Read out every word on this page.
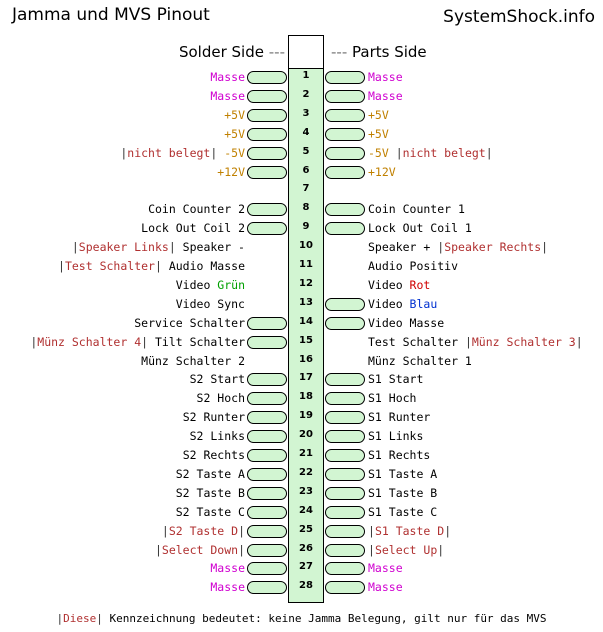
Jamma und MVS Pinout	SystemShock.info
Solder Side ---	--- Parts Side
Masse	1	Masse
Masse	2	Masse
+5V	3	+5V
+5V	4	+5V
|nicht belegt| -5V	5	-5V |nicht belegt|
+12V	6	+12V
7
Coin Counter 2	8	Coin Counter 1
Lock Out Coil 2	9	Lock Out Coil 1
|Speaker Links| Speaker -	10	Speaker + |Speaker Rechts|
|Test Schalter| Audio Masse	11	Audio Positiv
Video Grün	12	Video Rot
Video Sync	13	Video Blau
Service Schalter	14	Video Masse
|Münz Schalter 4| Tilt Schalter	15	Test Schalter |Münz Schalter 3|
Münz Schalter 2	16	Münz Schalter 1
S2 Start	17	S1 Start
S2 Hoch	18	S1 Hoch
S2 Runter	19	S1 Runter
S2 Links	20	S1 Links
S2 Rechts	21	S1 Rechts
S2 Taste A	22	S1 Taste A
S2 Taste B	23	S1 Taste B
S2 Taste C	24	S1 Taste C
|S2 Taste D|	25	|S1 Taste D|
|Select Down|	26	|Select Up|
Masse	27	Masse
Masse	28	Masse
|Diese| Kennzeichnung bedeutet: keine Jamma Belegung, gilt nur für das MVS
